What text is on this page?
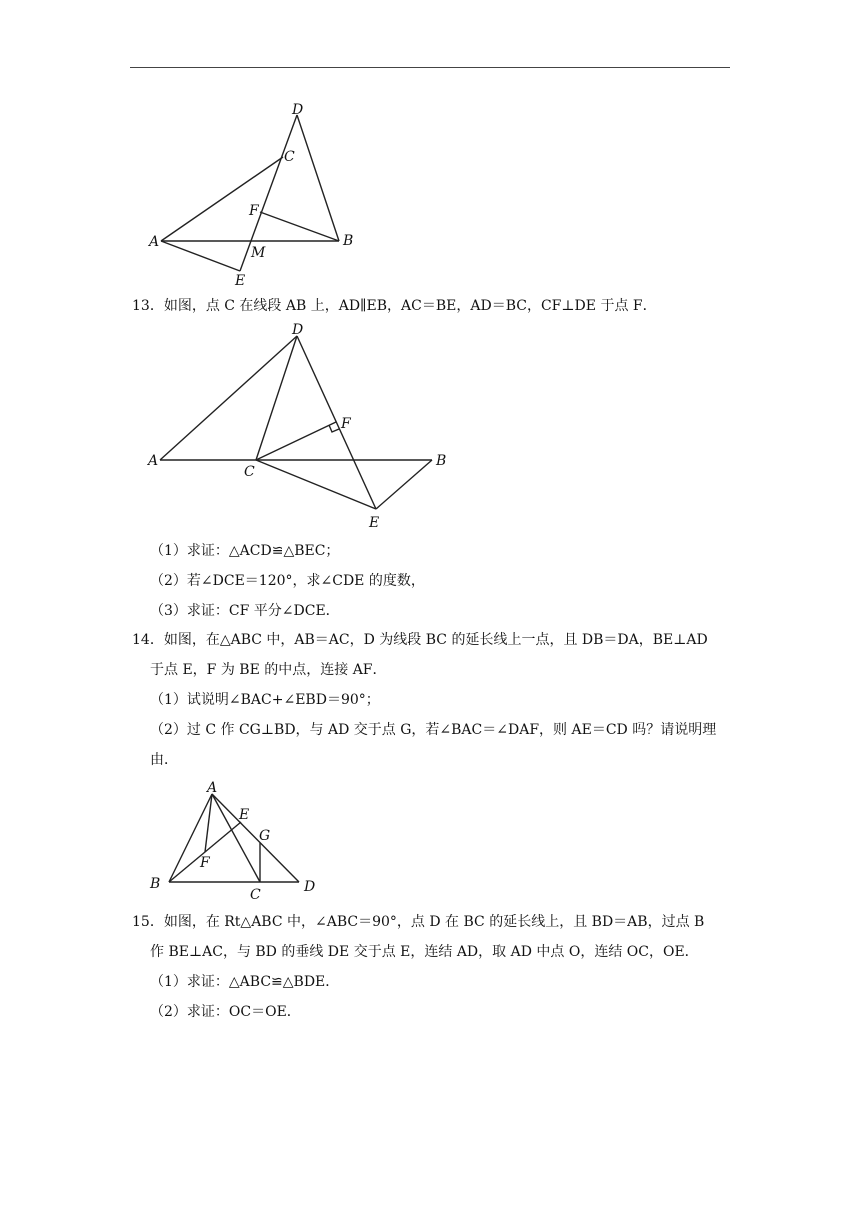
D
C
F
A
M
B
E
13．如图，点 C 在线段 AB 上，AD∥EB，AC＝BE，AD＝BC，CF⊥DE 于点 F．
D
F
A
C
B
E
（1）求证：△ACD≌△BEC；
（2）若∠DCE＝120°，求∠CDE 的度数，
（3）求证：CF 平分∠DCE．
14．如图，在△ABC 中，AB＝AC，D 为线段 BC 的延长线上一点，且 DB＝DA，BE⊥AD
于点 E，F 为 BE 的中点，连接 AF．
（1）试说明∠BAC+∠EBD＝90°；
（2）过 C 作 CG⊥BD，与 AD 交于点 G，若∠BAC＝∠DAF，则 AE＝CD 吗？请说明理
由．
A
E
G
F
B
C	D
15．如图，在 Rt△ABC 中，∠ABC＝90°，点 D 在 BC 的延长线上，且 BD＝AB，过点 B
作 BE⊥AC，与 BD 的垂线 DE 交于点 E，连结 AD，取 AD 中点 O，连结 OC，OE．
（1）求证：△ABC≌△BDE．
（2）求证：OC＝OE．
